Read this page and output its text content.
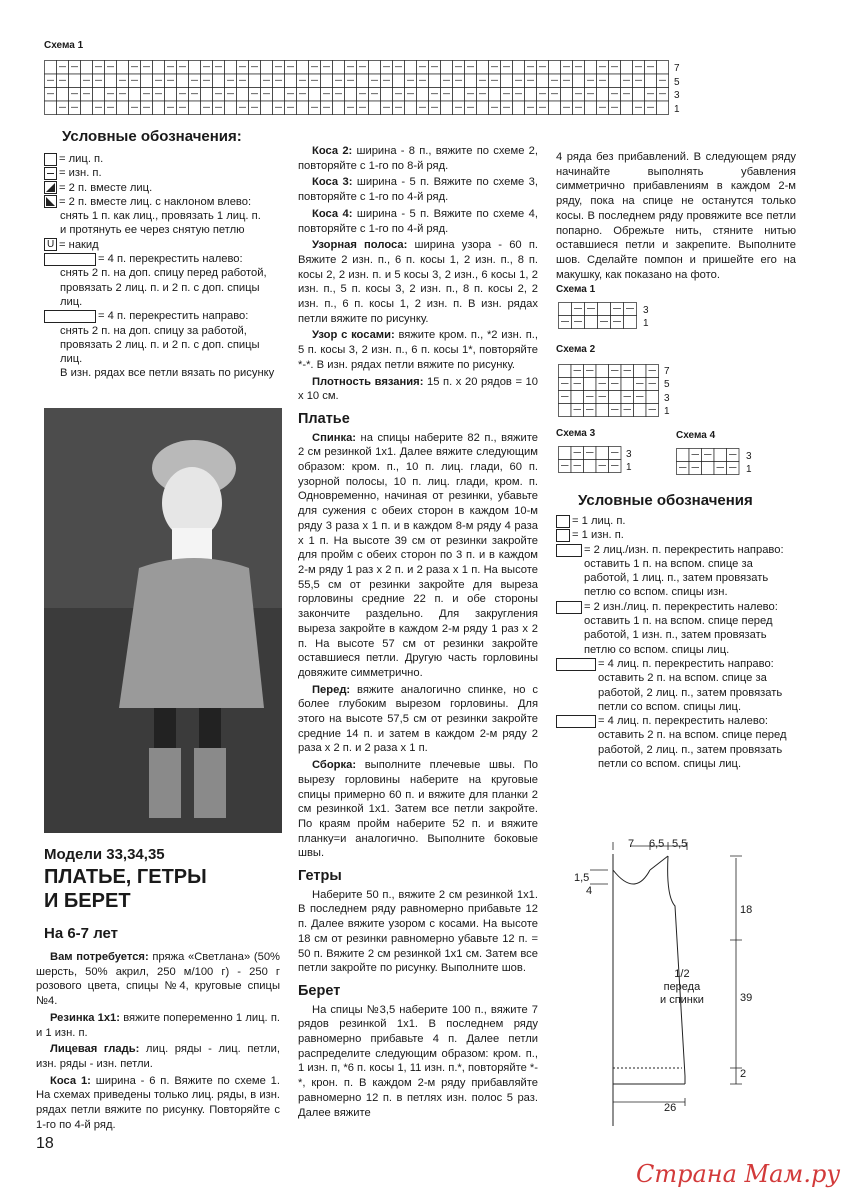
Схема 1
7
5
3
1
Условные обозначения:
= лиц. п.
= изн. п.
= 2 п. вместе лиц.
= 2 п. вместе лиц. с наклоном влево:
снять 1 п. как лиц., провязать 1 лиц. п.
и протянуть ее через снятую петлю
U = накид
= 4 п. перекрестить налево:
снять 2 п. на доп. спицу перед работой,
провязать 2 лиц. п. и 2 п. с доп. спицы
лиц.
= 4 п. перекрестить направо:
снять 2 п. на доп. спицу за работой,
провязать 2 лиц. п. и 2 п. с доп. спицы
лиц.
В изн. рядах все петли вязать по рисунку
Модели 33,34,35
ПЛАТЬЕ, ГЕТРЫ
И БЕРЕТ
На 6-7 лет

Вам потребуется: пряжа «Светлана» (50% шерсть, 50% акрил, 250 м/100 г) - 250 г розового цвета, спицы №4, круговые спицы №4.

Резинка 1х1: вяжите попеременно 1 лиц. п. и 1 изн. п.

Лицевая гладь: лиц. ряды - лиц. петли, изн. ряды - изн. петли.

Коса 1: ширина - 6 п. Вяжите по схеме 1. На схемах приведены только лиц. ряды, в изн. рядах петли вяжите по рисунку. Повторяйте с 1-го по 4-й ряд.

18

Коса 2: ширина - 8 п., вяжите по схеме 2, повторяйте с 1-го по 8-й ряд.

Коса 3: ширина - 5 п. Вяжите по схеме 3, повторяйте с 1-го по 4-й ряд.

Коса 4: ширина - 5 п. Вяжите по схеме 4, повторяйте с 1-го по 4-й ряд.

Узорная полоса: ширина узора - 60 п. Вяжите 2 изн. п., 6 п. косы 1, 2 изн. п., 8 п. косы 2, 2 изн. п. и 5 косы 3, 2 изн., 6 косы 1, 2 изн. п., 5 п. косы 3, 2 изн. п., 8 п. косы 2, 2 изн. п., 6 п. косы 1, 2 изн. п. В изн. рядах петли вяжите по рисунку.

Узор с косами: вяжите кром. п., *2 изн. п., 5 п. косы 3, 2 изн. п., 6 п. косы 1*, повторяйте *-*. В изн. рядах петли вяжите по рисунку.

Плотность вязания: 15 п. х 20 рядов = 10 х 10 см.

Платье

Спинка: на спицы наберите 82 п., вяжите 2 см резинкой 1х1. Далее вяжите следующим образом: кром. п., 10 п. лиц. глади, 60 п. узорной полосы, 10 п. лиц. глади, кром. п. Одновременно, начиная от резинки, убавьте для сужения с обеих сторон в каждом 10-м ряду 3 раза х 1 п. и в каждом 8-м ряду 4 раза х 1 п. На высоте 39 см от резинки закройте для пройм с обеих сторон по 3 п. и в каждом 2-м ряду 1 раз х 2 п. и 2 раза х 1 п. На высоте 55,5 см от резинки закройте для выреза горловины средние 22 п. и обе стороны закончите раздельно. Для закругления выреза закройте в каждом 2-м ряду 1 раз х 2 п. На высоте 57 см от резинки закройте оставшиеся петли. Другую часть горловины довяжите симметрично.

Перед: вяжите аналогично спинке, но с более глубоким вырезом горловины. Для этого на высоте 57,5 см от резинки закройте средние 14 п. и затем в каждом 2-м ряду 2 раза х 2 п. и 2 раза х 1 п.

Сборка: выполните плечевые швы. По вырезу горловины наберите на круговые спицы примерно 60 п. и вяжите для планки 2 см резинкой 1х1. Затем все петли закройте. По краям пройм наберите 52 п. и вяжите планку=и аналогично. Выполните боковые швы.

Гетры

Наберите 50 п., вяжите 2 см резинкой 1х1. В последнем ряду равномерно прибавьте 12 п. Далее вяжите узором с косами. На высоте 18 см от резинки равномерно убавьте 12 п. = 50 п. Вяжите 2 см резинкой 1х1 см. Затем все петли закройте по рисунку. Выполните шов.

Берет

На спицы №3,5 наберите 100 п., вяжите 7 рядов резинкой 1х1. В последнем ряду равномерно прибавьте 4 п. Далее петли распределите следующим образом: кром. п., 1 изн. п, *6 п. косы 1, 11 изн. п.*, повторяйте *-*, крон. п. В каждом 2-м ряду прибавляйте равномерно 12 п. в петлях изн. полос 5 раз. Далее вяжите

4 ряда без прибавлений. В следующем ряду начинайте выполнять убавления симметрично прибавлениям в каждом 2-м ряду, пока на спице не останутся только косы. В последнем ряду провяжите все петли попарно. Обрежьте нить, стяните нитью оставшиеся петли и закрепите. Выполните шов. Сделайте помпон и пришейте его на макушку, как показано на фото.

Схема 1
3
1
Схема 2
7
5
3
1
Схема 3
3
1
Схема 4
3
1
Условные обозначения
= 1 лиц. п.
= 1 изн. п.
= 2 лиц./изн. п. перекрестить направо: оставить 1 п. на вспом. спице за работой, 1 лиц. п., затем провязать петлю со вспом. спицы изн.
= 2 изн./лиц. п. перекрестить налево: оставить 1 п. на вспом. спице перед работой, 1 изн. п., затем провязать петлю со вспом. спицы лиц.
= 4 лиц. п. перекрестить направо: оставить 2 п. на вспом. спице за работой, 2 лиц. п., затем провязать петли со вспом. спицы лиц.
= 4 лиц. п. перекрестить налево: оставить 2 п. на вспом. спице перед работой, 2 лиц. п., затем провязать петли со вспом. спицы лиц.
7 6,5 5,5
1,5
4
18
39
2
26
1/2
переда
и спинки
Страна Мам.ру
